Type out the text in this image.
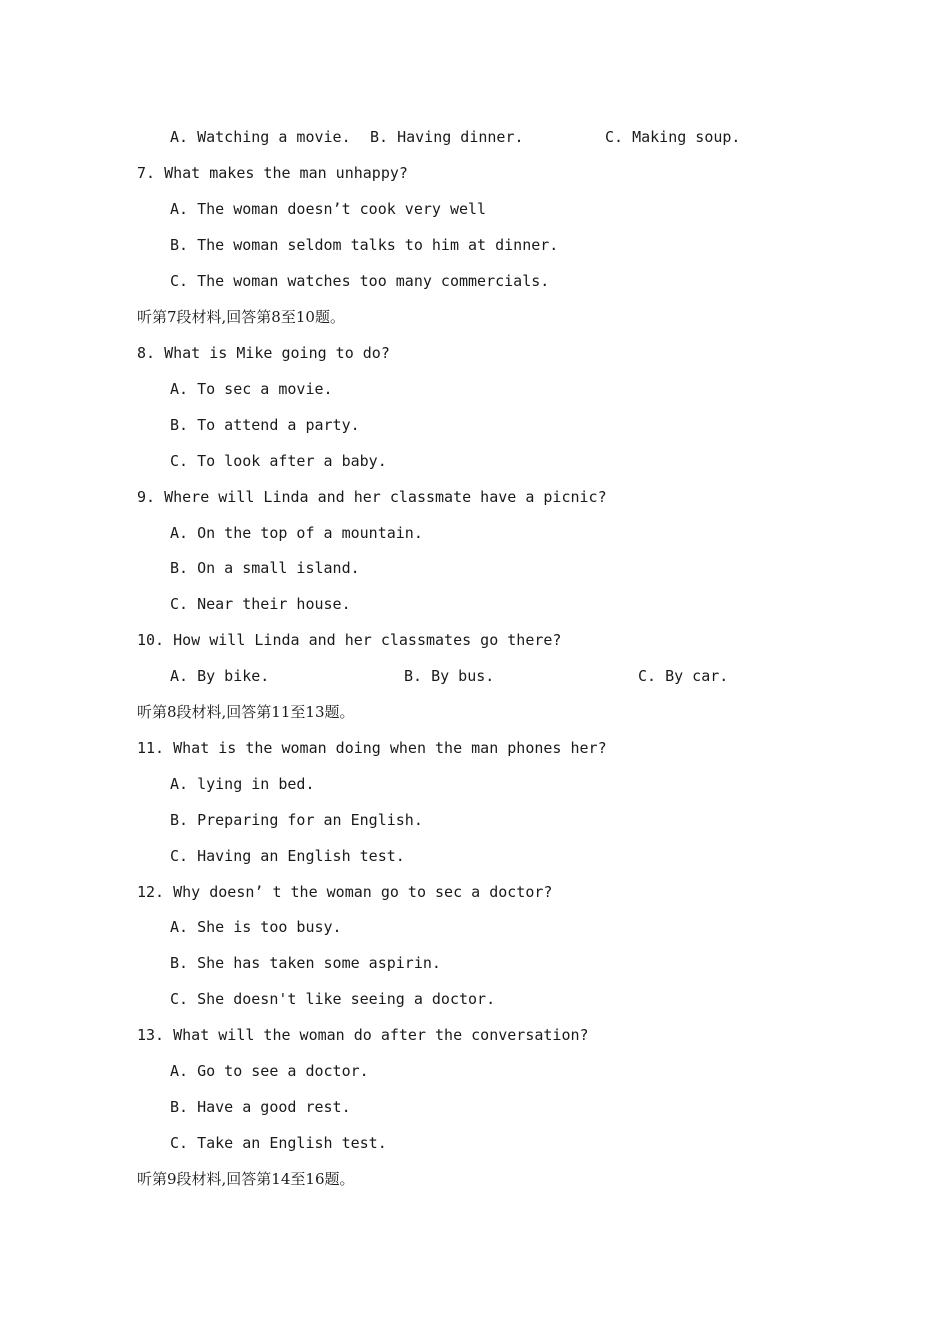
A. Watching a movie. B. Having dinner.	C. Making soup.
7. What makes the man unhappy?
A. The woman doesn’t cook very well
B. The woman seldom talks to him at dinner.
C. The woman watches too many commercials.
听第7段材料,回答第8至10题。
8. What is Mike going to do?
A. To sec a movie.
B. To attend a party.
C. To look after a baby.
9. Where will Linda and her classmate have a picnic?
A. On the top of a mountain.
B. On a small island.
C. Near their house.
10. How will Linda and her classmates go there?
A. By bike.	B. By bus.	C. By car.
听第8段材料,回答第11至13题。
11. What is the woman doing when the man phones her?
A. lying in bed.
B. Preparing for an English.
C. Having an English test.
12. Why doesn’ t the woman go to sec a doctor?
A. She is too busy.
B. She has taken some aspirin.
C. She doesn't like seeing a doctor.
13. What will the woman do after the conversation?
A. Go to see a doctor.
B. Have a good rest.
C. Take an English test.
听第9段材料,回答第14至16题。
